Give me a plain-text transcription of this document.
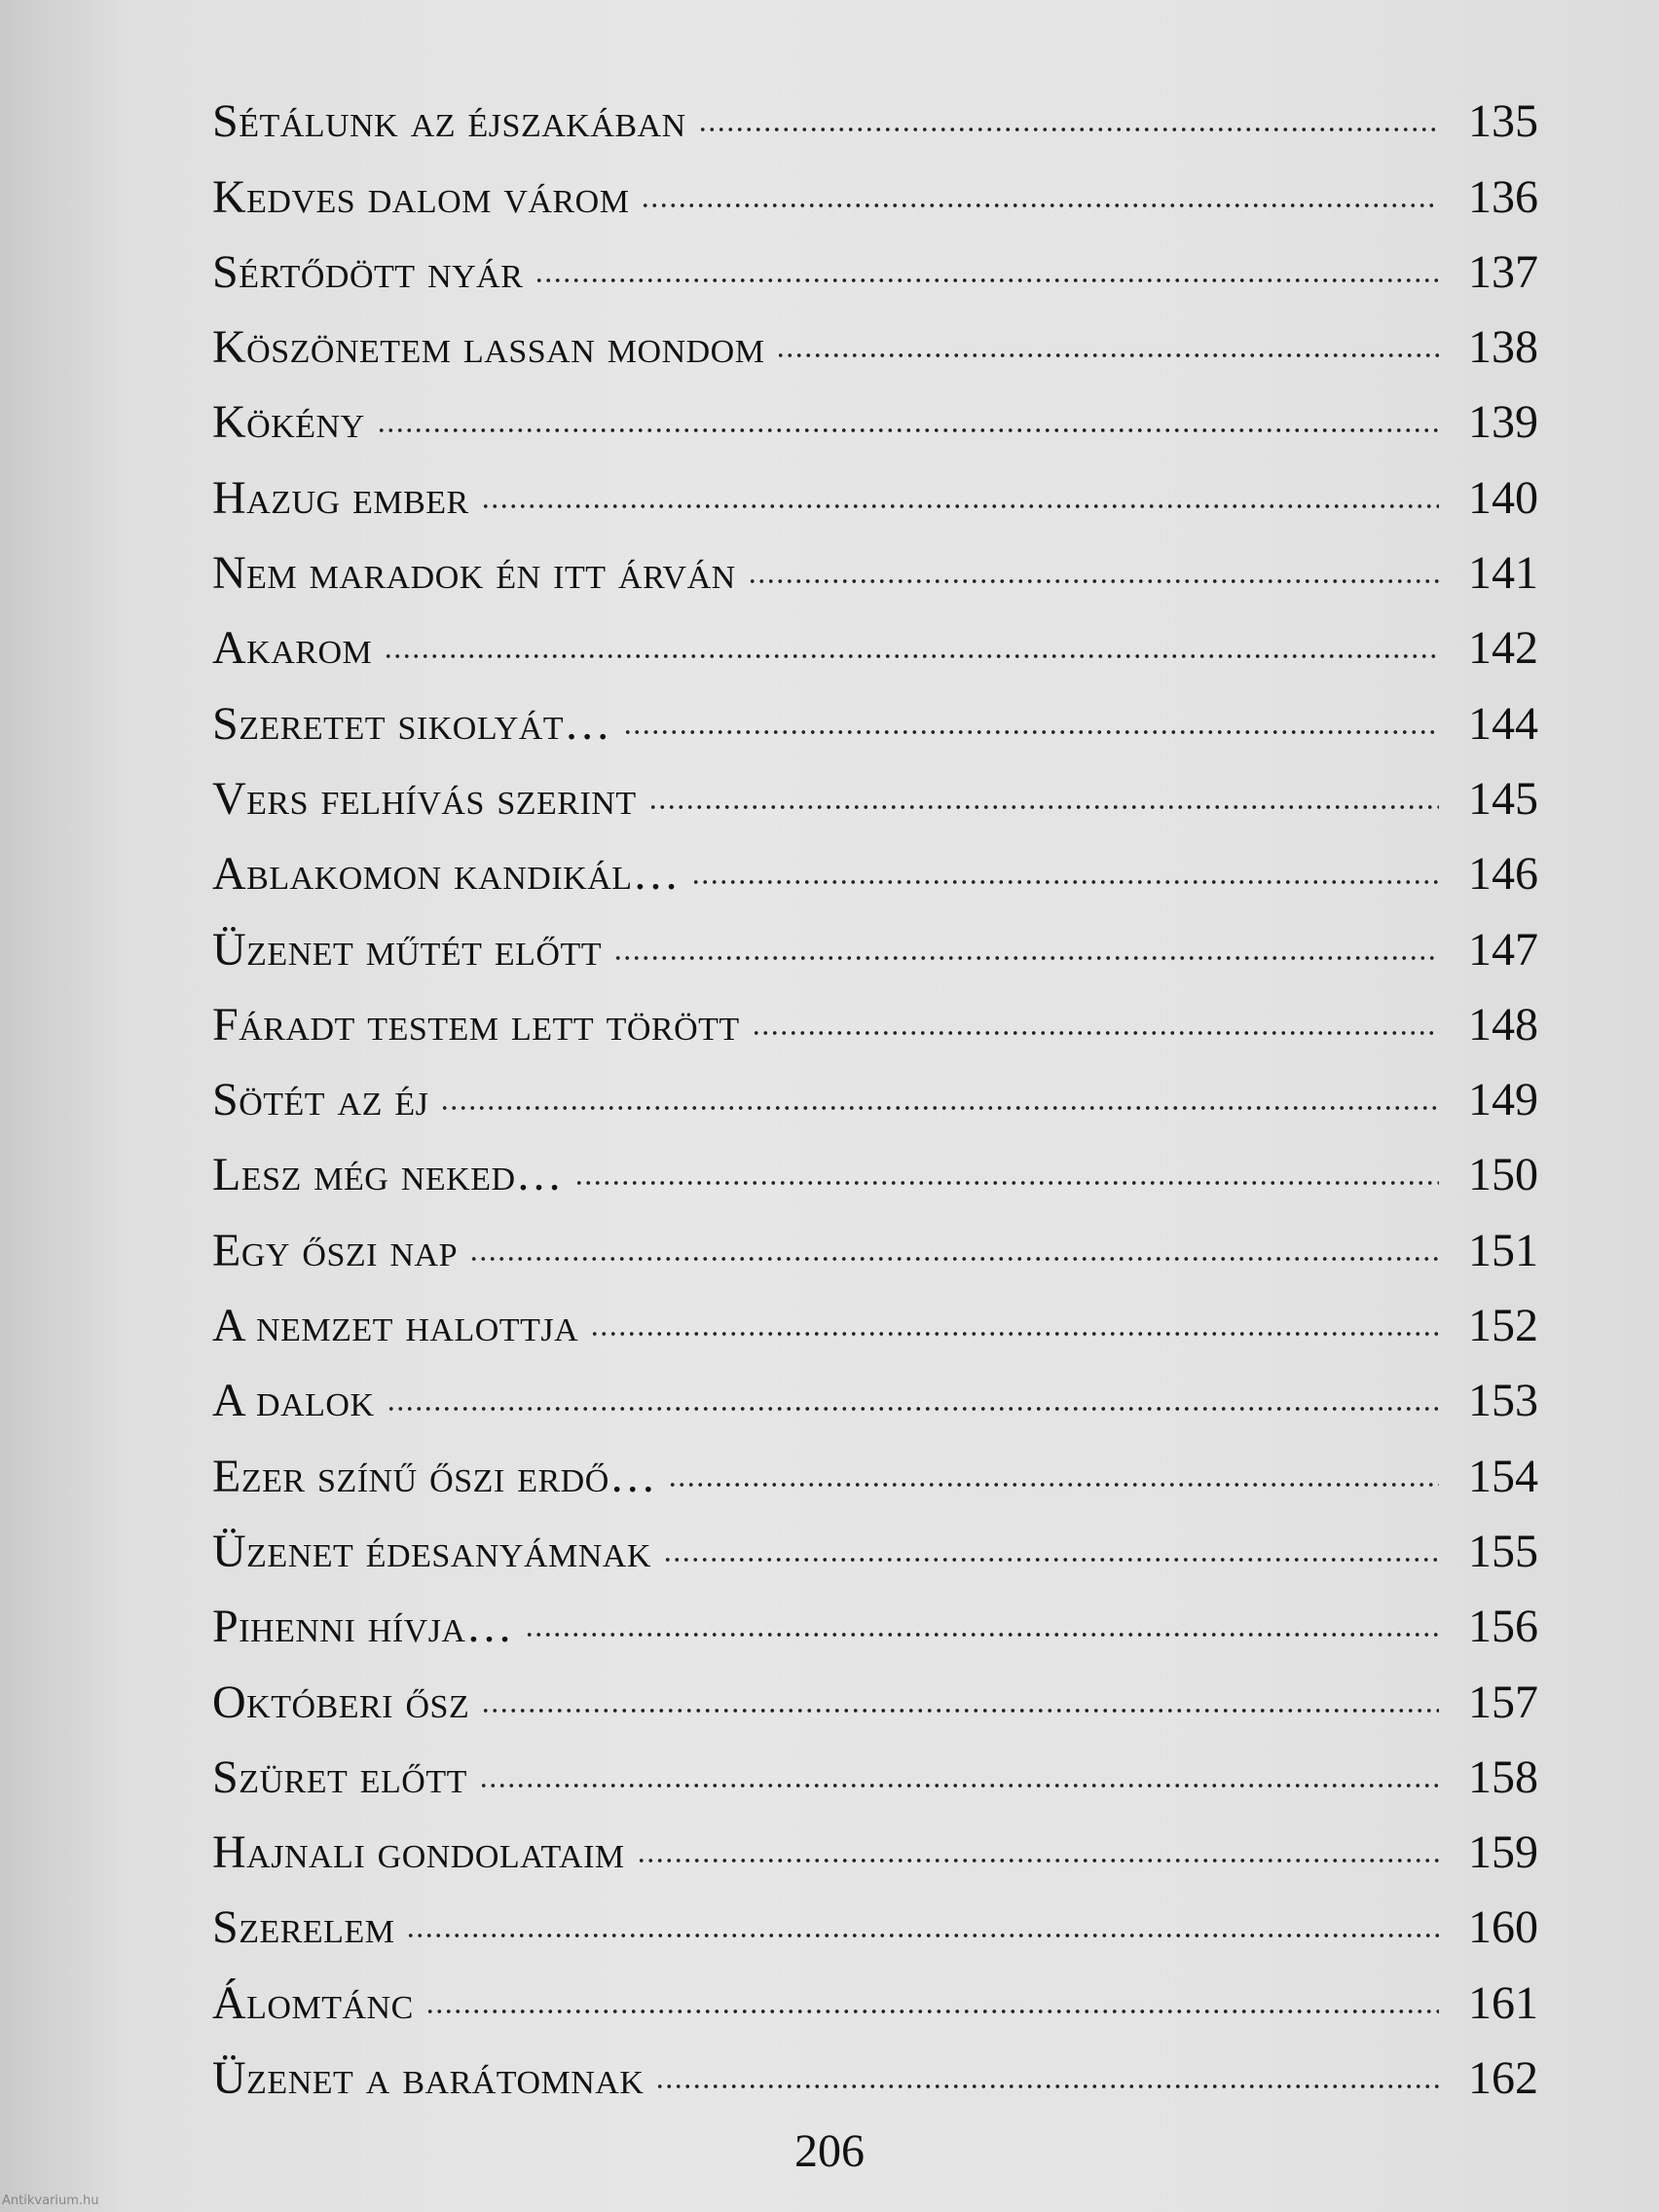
Sétálunk az éjszakában	135
Kedves dalom várom	136
Sértődött nyár	137
Köszönetem lassan mondom	138
Kökény	139
Hazug ember	140
Nem maradok én itt árván	141
Akarom	142
Szeretet sikolyát…	144
Vers felhívás szerint	145
Ablakomon kandikál…	146
Üzenet műtét előtt	147
Fáradt testem lett törött	148
Sötét az éj	149
Lesz még neked…	150
Egy őszi nap	151
A nemzet halottja	152
A dalok	153
Ezer színű őszi erdő…	154
Üzenet édesanyámnak	155
Pihenni hívja…	156
Októberi ősz	157
Szüret előtt	158
Hajnali gondolataim	159
Szerelem	160
Álomtánc	161
Üzenet a barátomnak	162
206
Antikvarium.hu
